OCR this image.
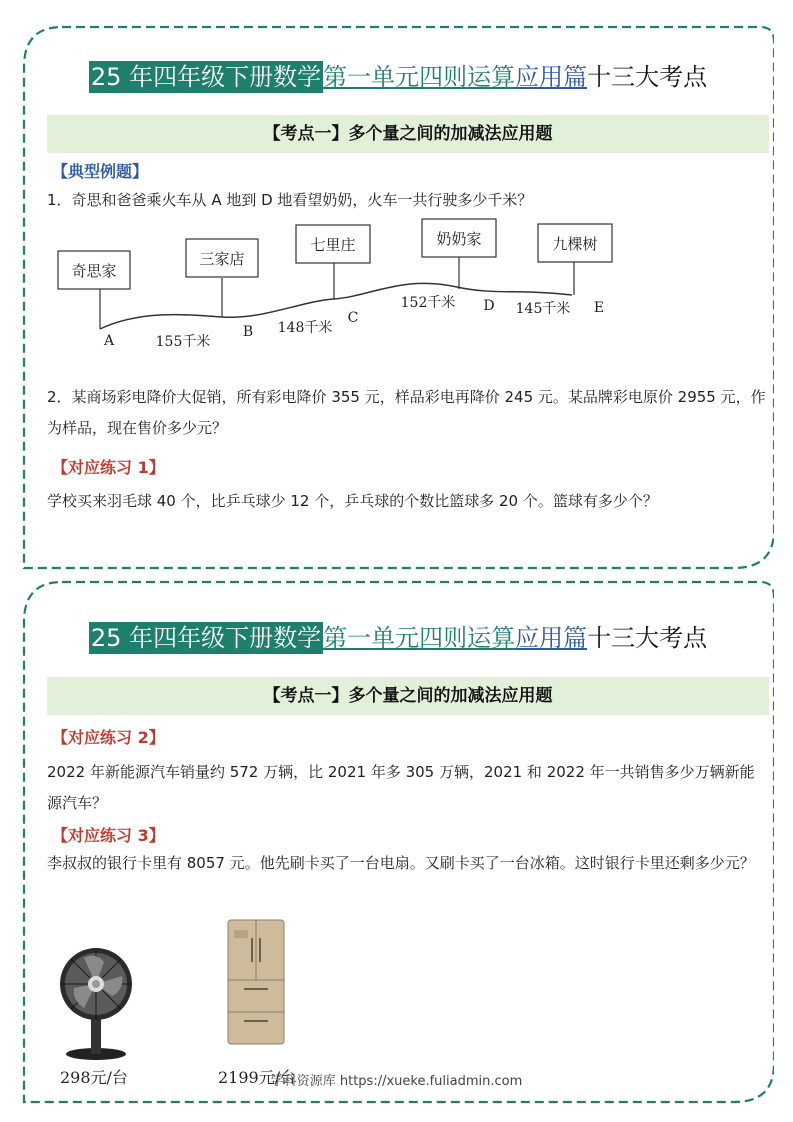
25 年四年级下册数学第一单元四则运算应用篇十三大考点
【考点一】多个量之间的加减法应用题
【典型例题】
1．奇思和爸爸乘火车从 A 地到 D 地看望奶奶，火车一共行驶多少千米？
奇思家
三家店
七里庄	奶奶家	九棵树
A
B
C
D	E
155千米
148千米
152千米	145千米
2．某商场彩电降价大促销，所有彩电降价 355 元，样品彩电再降价 245 元。某品牌彩电原价 2955 元，作为样品，现在售价多少元？
【对应练习 1】
学校买来羽毛球 40 个，比乒乓球少 12 个，乒乓球的个数比篮球多 20 个。篮球有多少个？
25 年四年级下册数学第一单元四则运算应用篇十三大考点
【考点一】多个量之间的加减法应用题
【对应练习 2】
2022 年新能源汽车销量约 572 万辆，比 2021 年多 305 万辆，2021 和 2022 年一共销售多少万辆新能源汽车？
【对应练习 3】
李叔叔的银行卡里有 8057 元。他先刷卡买了一台电扇。又刷卡买了一台冰箱。这时银行卡里还剩多少元？
298元/台	2199元/台
学科资源库 https://xueke.fuliadmin.com
